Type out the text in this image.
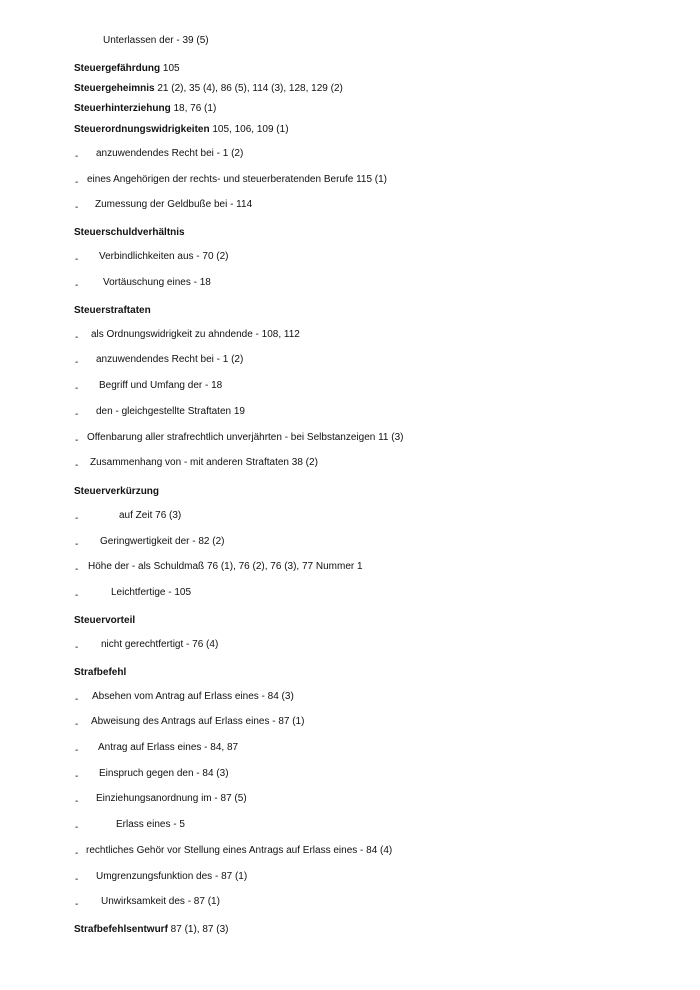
Unterlassen der - 39 (5)
Steuergefährdung 105
Steuergeheimnis 21 (2), 35 (4), 86 (5), 114 (3), 128, 129 (2)
Steuerhinterziehung 18, 76 (1)
Steuerordnungswidrigkeiten 105, 106, 109 (1)
- anzuwendendes Recht bei - 1 (2)
- eines Angehörigen der rechts- und steuerberatenden Berufe 115 (1)
- Zumessung der Geldbuße bei - 114
Steuerschuldverhältnis
- Verbindlichkeiten aus - 70 (2)
- Vortäuschung eines - 18
Steuerstraftaten
- als Ordnungswidrigkeit zu ahndende - 108, 112
- anzuwendendes Recht bei - 1 (2)
- Begriff und Umfang der - 18
- den - gleichgestellte Straftaten 19
- Offenbarung aller strafrechtlich unverjährten - bei Selbstanzeigen 11 (3)
- Zusammenhang von - mit anderen Straftaten 38 (2)
Steuerverkürzung
-	auf Zeit 76 (3)
- Geringwertigkeit der - 82 (2)
- Höhe der - als Schuldmaß 76 (1), 76 (2), 76 (3), 77 Nummer 1
-	Leichtfertige - 105
Steuervorteil
- nicht gerechtfertigt - 76 (4)
Strafbefehl
- Absehen vom Antrag auf Erlass eines - 84 (3)
- Abweisung des Antrags auf Erlass eines - 87 (1)
- Antrag auf Erlass eines - 84, 87
- Einspruch gegen den - 84 (3)
- Einziehungsanordnung im - 87 (5)
-	Erlass eines - 5
- rechtliches Gehör vor Stellung eines Antrags auf Erlass eines - 84 (4)
- Umgrenzungsfunktion des - 87 (1)
- Unwirksamkeit des - 87 (1)
Strafbefehlsentwurf 87 (1), 87 (3)
